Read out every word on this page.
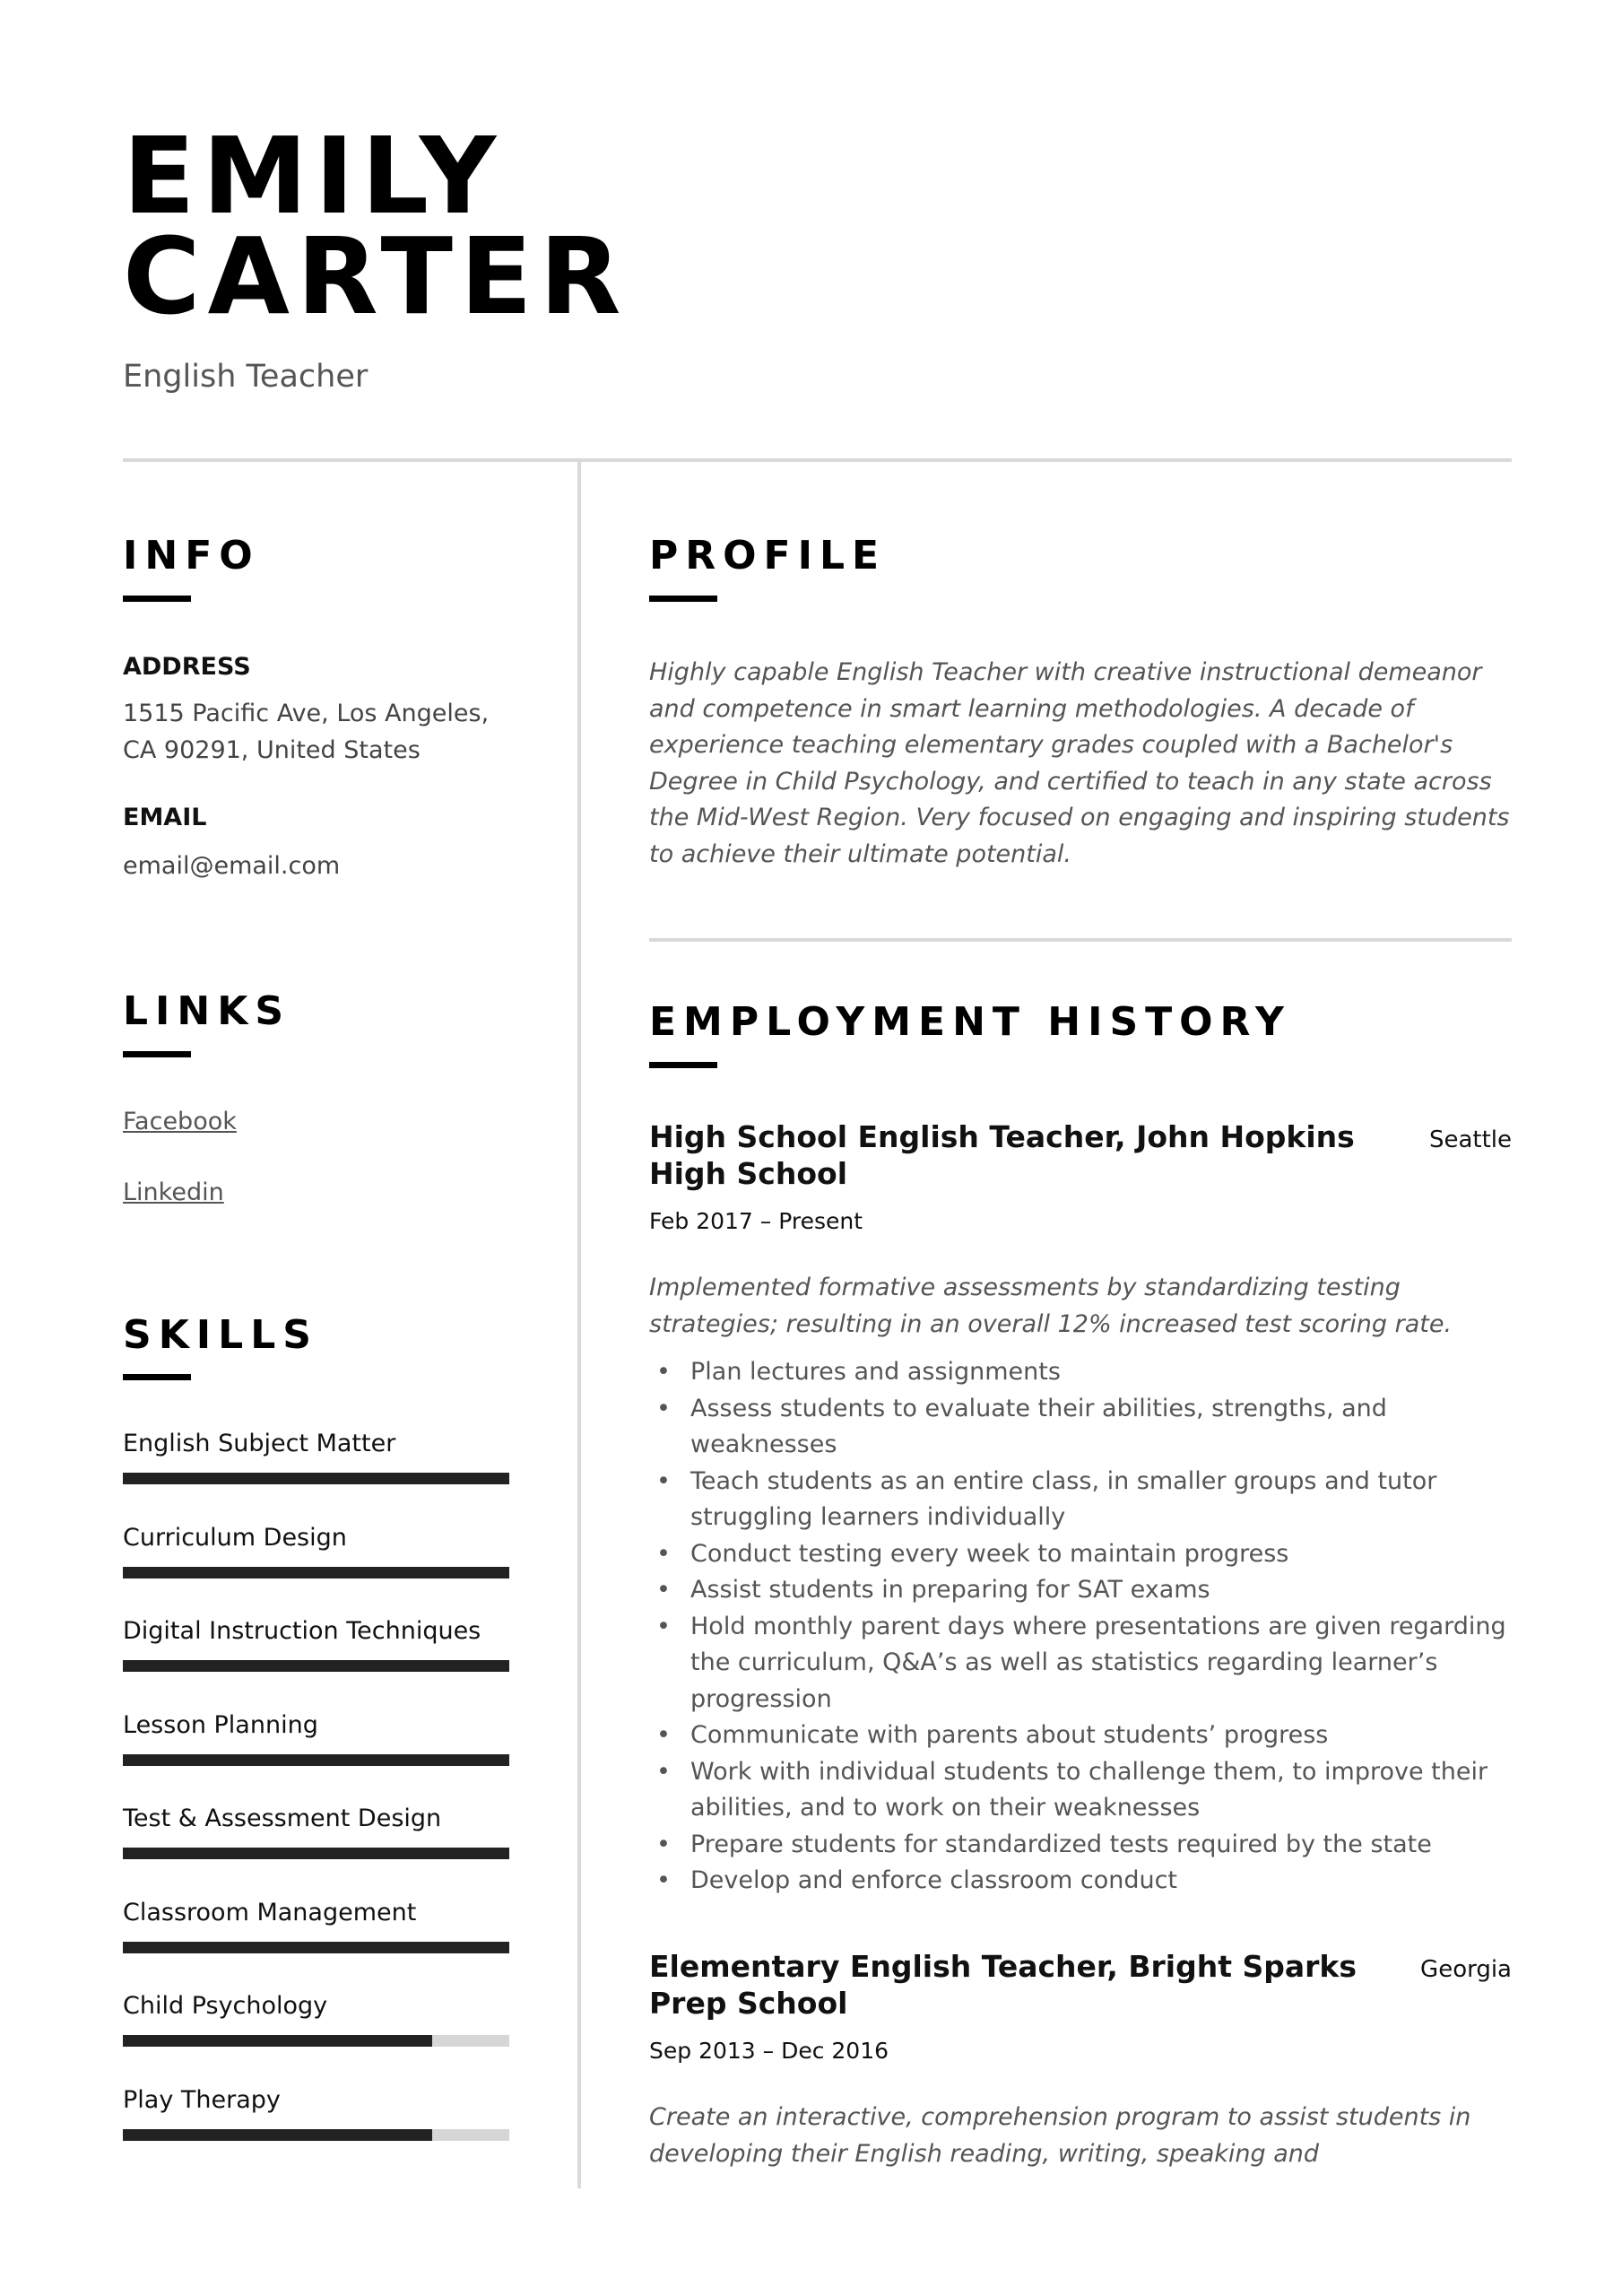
EMILY
CARTER
English Teacher
INFO
ADDRESS
1515 Pacific Ave, Los Angeles,
CA 90291, United States
EMAIL
email@email.com
LINKS
Facebook
Linkedin
SKILLS
English Subject Matter
Curriculum Design
Digital Instruction Techniques
Lesson Planning
Test & Assessment Design
Classroom Management
Child Psychology
Play Therapy
PROFILE
Highly capable English Teacher with creative instructional demeanor and competence in smart learning methodologies. A decade of experience teaching elementary grades coupled with a Bachelor's Degree in Child Psychology, and certified to teach in any state across the Mid-West Region. Very focused on engaging and inspiring students to achieve their ultimate potential.
EMPLOYMENT HISTORY
High School English Teacher, John Hopkins High School
Seattle
Feb 2017 – Present
Implemented formative assessments by standardizing testing strategies; resulting in an overall 12% increased test scoring rate.
• Plan lectures and assignments
• Assess students to evaluate their abilities, strengths, and weaknesses
• Teach students as an entire class, in smaller groups and tutor struggling learners individually
• Conduct testing every week to maintain progress
• Assist students in preparing for SAT exams
• Hold monthly parent days where presentations are given regarding the curriculum, Q&A’s as well as statistics regarding learner’s progression
• Communicate with parents about students’ progress
• Work with individual students to challenge them, to improve their abilities, and to work on their weaknesses
• Prepare students for standardized tests required by the state
• Develop and enforce classroom conduct
Elementary English Teacher, Bright Sparks Prep School
Georgia
Sep 2013 – Dec 2016
Create an interactive, comprehension program to assist students in developing their English reading, writing, speaking and
